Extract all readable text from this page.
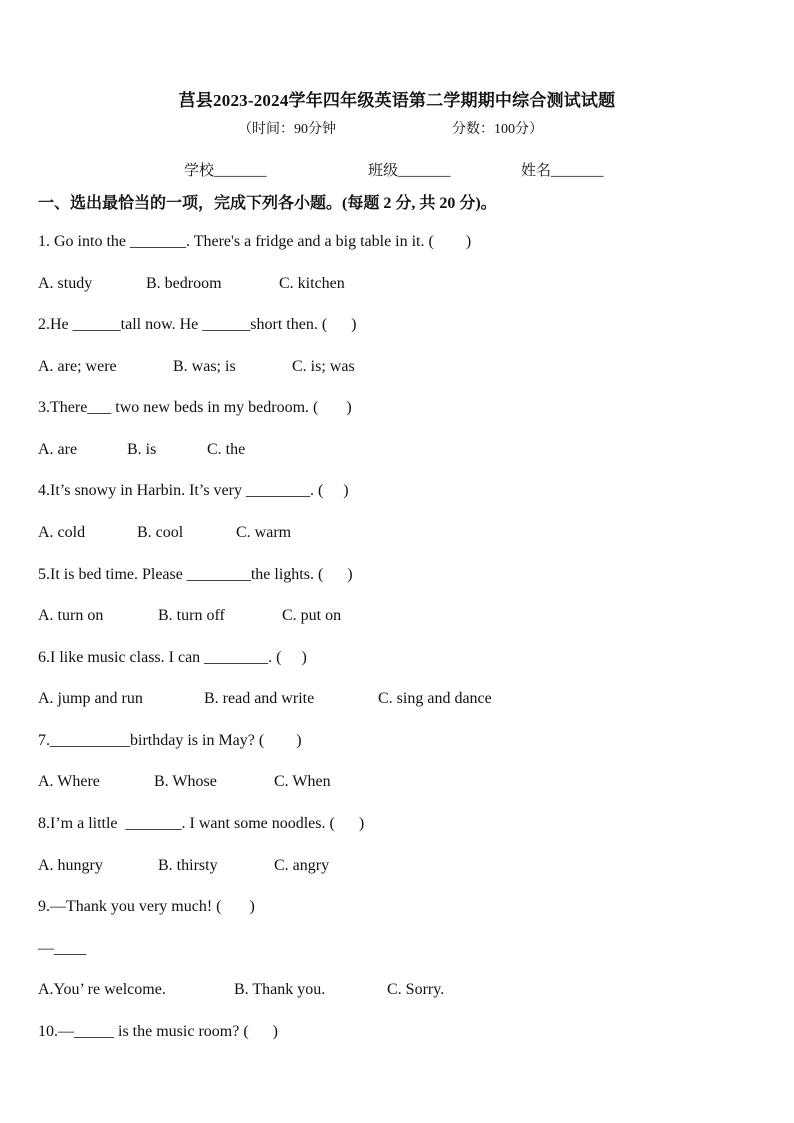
莒县2023-2024学年四年级英语第二学期期中综合测试试题
（时间：90分钟	分数：100分）
学校_______	班级_______	姓名_______
一、选出最恰当的一项，完成下列各小题。(每题 2 分, 共 20 分)。
1. Go into the _______. There's a fridge and a big table in it. (        )
A. study	B. bedroom	C. kitchen
2.He ______tall now. He ______short then. (      )
A. are; were	B. was; is	C. is; was
3.There___ two new beds in my bedroom. (       )
A. are	B. is	C. the
4.It’s snowy in Harbin. It’s very ________. (     )
A. cold	B. cool	C. warm
5.It is bed time. Please ________the lights. (      )
A. turn on	B. turn off	C. put on
6.I like music class. I can ________. (     )
A. jump and run	B. read and write	C. sing and dance
7.__________birthday is in May? (        )
A. Where	B. Whose	C. When
8.I’m a little  _______. I want some noodles. (      )
A. hungry	B. thirsty	C. angry
9.—Thank you very much! (       )
—____
A.You’ re welcome.	B. Thank you.	C. Sorry.
10.—_____ is the music room? (      )
